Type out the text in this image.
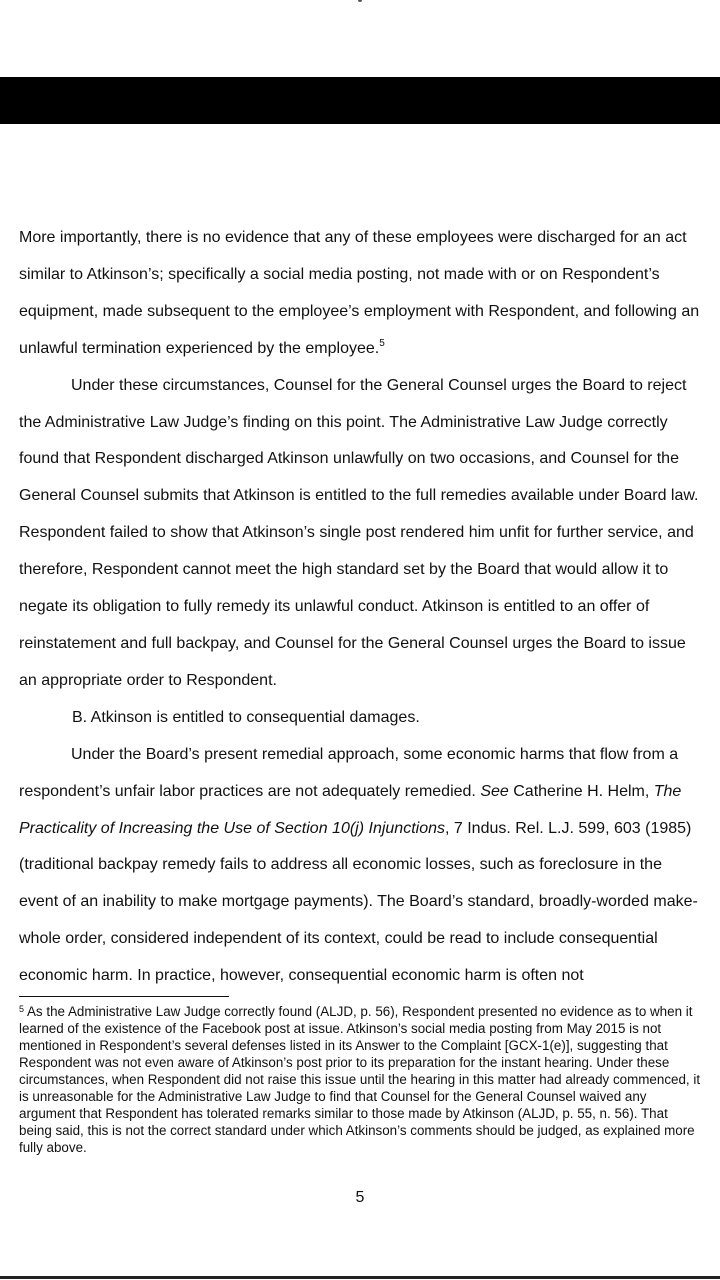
More importantly, there is no evidence that any of these employees were discharged for an act similar to Atkinson’s; specifically a social media posting, not made with or on Respondent’s equipment, made subsequent to the employee’s employment with Respondent, and following an unlawful termination experienced by the employee.$^5$

Under these circumstances, Counsel for the General Counsel urges the Board to reject the Administrative Law Judge’s finding on this point. The Administrative Law Judge correctly found that Respondent discharged Atkinson unlawfully on two occasions, and Counsel for the General Counsel submits that Atkinson is entitled to the full remedies available under Board law. Respondent failed to show that Atkinson’s single post rendered him unfit for further service, and therefore, Respondent cannot meet the high standard set by the Board that would allow it to negate its obligation to fully remedy its unlawful conduct. Atkinson is entitled to an offer of reinstatement and full backpay, and Counsel for the General Counsel urges the Board to issue an appropriate order to Respondent.

B. Atkinson is entitled to consequential damages.

Under the Board’s present remedial approach, some economic harms that flow from a respondent’s unfair labor practices are not adequately remedied. See Catherine H. Helm, The Practicality of Increasing the Use of Section 10(j) Injunctions, 7 Indus. Rel. L.J. 599, 603 (1985) (traditional backpay remedy fails to address all economic losses, such as foreclosure in the event of an inability to make mortgage payments). The Board’s standard, broadly-worded make-whole order, considered independent of its context, could be read to include consequential economic harm. In practice, however, consequential economic harm is often not

$^5$ As the Administrative Law Judge correctly found (ALJD, p. 56), Respondent presented no evidence as to when it learned of the existence of the Facebook post at issue. Atkinson’s social media posting from May 2015 is not mentioned in Respondent’s several defenses listed in its Answer to the Complaint [GCX-1(e)], suggesting that Respondent was not even aware of Atkinson’s post prior to its preparation for the instant hearing. Under these circumstances, when Respondent did not raise this issue until the hearing in this matter had already commenced, it is unreasonable for the Administrative Law Judge to find that Counsel for the General Counsel waived any argument that Respondent has tolerated remarks similar to those made by Atkinson (ALJD, p. 55, n. 56). That being said, this is not the correct standard under which Atkinson’s comments should be judged, as explained more fully above.

5
